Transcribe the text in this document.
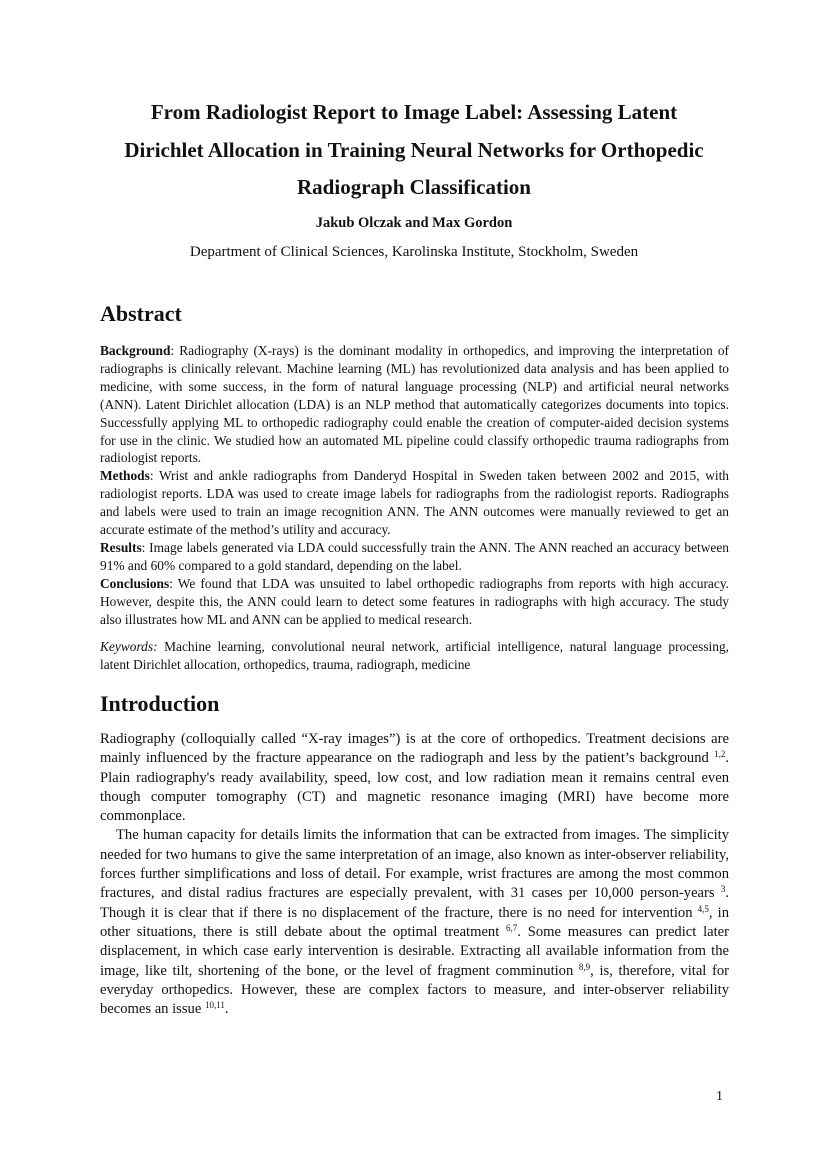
From Radiologist Report to Image Label: Assessing Latent
Dirichlet Allocation in Training Neural Networks for Orthopedic
Radiograph Classification
Jakub Olczak and Max Gordon
Department of Clinical Sciences, Karolinska Institute, Stockholm, Sweden
Abstract

Background: Radiography (X-rays) is the dominant modality in orthopedics, and improving the interpretation of radiographs is clinically relevant. Machine learning (ML) has revolutionized data analysis and has been applied to medicine, with some success, in the form of natural language processing (NLP) and artificial neural networks (ANN). Latent Dirichlet allocation (LDA) is an NLP method that automatically categorizes documents into topics. Successfully applying ML to orthopedic radiography could enable the creation of computer-aided decision systems for use in the clinic. We studied how an automated ML pipeline could classify orthopedic trauma radiographs from radiologist reports.

Methods: Wrist and ankle radiographs from Danderyd Hospital in Sweden taken between 2002 and 2015, with radiologist reports. LDA was used to create image labels for radiographs from the radiologist reports. Radiographs and labels were used to train an image recognition ANN. The ANN outcomes were manually reviewed to get an accurate estimate of the method’s utility and accuracy.

Results: Image labels generated via LDA could successfully train the ANN. The ANN reached an accuracy between 91% and 60% compared to a gold standard, depending on the label.

Conclusions: We found that LDA was unsuited to label orthopedic radiographs from reports with high accuracy. However, despite this, the ANN could learn to detect some features in radiographs with high accuracy. The study also illustrates how ML and ANN can be applied to medical research.

Keywords: Machine learning, convolutional neural network, artificial intelligence, natural language processing, latent Dirichlet allocation, orthopedics, trauma, radiograph, medicine

Introduction

Radiography (colloquially called “X-ray images”) is at the core of orthopedics. Treatment decisions are mainly influenced by the fracture appearance on the radiograph and less by the patient’s background $^{1,2}$. Plain radiography's ready availability, speed, low cost, and low radiation mean it remains central even though computer tomography (CT) and magnetic resonance imaging (MRI) have become more commonplace.

The human capacity for details limits the information that can be extracted from images. The simplicity needed for two humans to give the same interpretation of an image, also known as inter-observer reliability, forces further simplifications and loss of detail. For example, wrist fractures are among the most common fractures, and distal radius fractures are especially prevalent, with 31 cases per 10,000 person-years $^3$. Though it is clear that if there is no displacement of the fracture, there is no need for intervention $^{4,5}$, in other situations, there is still debate about the optimal treatment $^{6,7}$. Some measures can predict later displacement, in which case early intervention is desirable. Extracting all available information from the image, like tilt, shortening of the bone, or the level of fragment comminution $^{8,9}$, is, therefore, vital for everyday orthopedics. However, these are complex factors to measure, and inter-observer reliability becomes an issue $^{10,11}$.

1
